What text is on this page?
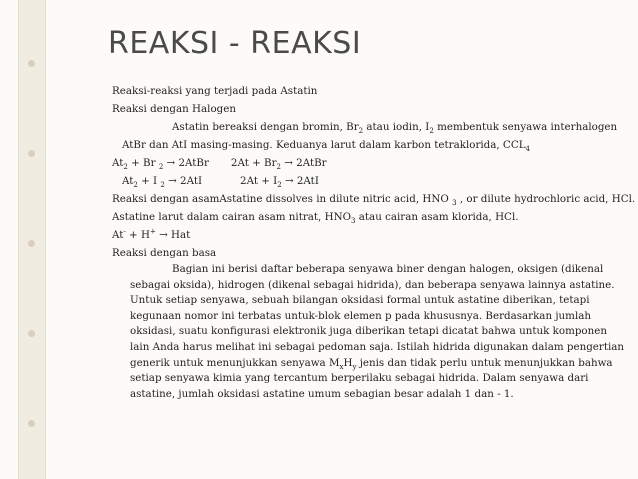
REAKSI - REAKSI
Reaksi-reaksi yang terjadi pada Astatin
Reaksi dengan Halogen
Astatin bereaksi dengan bromin, $Br_2$ atau iodin, $I_2$ membentuk senyawa interhalogen
AtBr dan AtI masing-masing. Keduanya larut dalam karbon tetraklorida, $CCL_4$
$At_2 + Br$ $_2$ → 2AtBr $2At + Br_2$ → 2AtBr
$At_2 + I$ $_2$ → 2AtI	$2At + I_2 \to 2AtI$
Reaksi dengan asamAstatine dissolves in dilute nitric acid, HNO $_3$ , or dilute hydrochloric acid, HCl.
Astatine larut dalam cairan asam nitrat, $HNO_3$ atau cairan asam klorida, HCl.
At- + H+ → Hat
Reaksi dengan basa
Bagian ini berisi daftar beberapa senyawa biner dengan halogen, oksigen (dikenal
sebagai oksida), hidrogen (dikenal sebagai hidrida), dan beberapa senyawa lainnya astatine.
Untuk setiap senyawa, sebuah bilangan oksidasi formal untuk astatine diberikan, tetapi
kegunaan nomor ini terbatas untuk-blok elemen p pada khususnya. Berdasarkan jumlah
oksidasi, suatu konfigurasi elektronik juga diberikan tetapi dicatat bahwa untuk komponen
lain Anda harus melihat ini sebagai pedoman saja. Istilah hidrida digunakan dalam pengertian
generik untuk menunjukkan senyawa $M_xH_y$ jenis dan tidak perlu untuk menunjukkan bahwa
setiap senyawa kimia yang tercantum berperilaku sebagai hidrida. Dalam senyawa dari
astatine, jumlah oksidasi astatine umum sebagian besar adalah 1 dan - 1.
